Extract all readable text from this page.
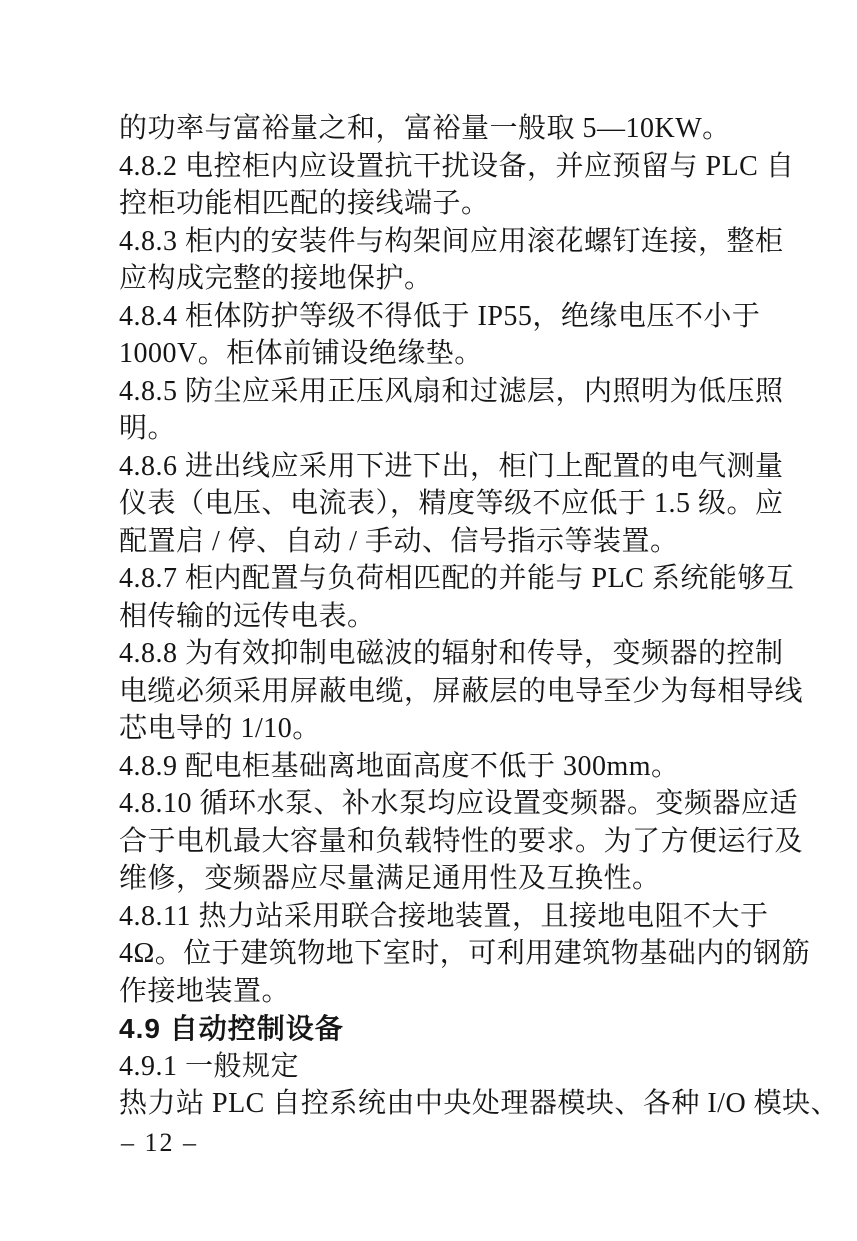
的功率与富裕量之和，富裕量一般取 5—10KW。
4.8.2 电控柜内应设置抗干扰设备，并应预留与 PLC 自
控柜功能相匹配的接线端子。
4.8.3 柜内的安装件与构架间应用滚花螺钉连接，整柜
应构成完整的接地保护。
4.8.4 柜体防护等级不得低于 IP55，绝缘电压不小于
1000V。柜体前铺设绝缘垫。
4.8.5 防尘应采用正压风扇和过滤层，内照明为低压照
明。
4.8.6 进出线应采用下进下出，柜门上配置的电气测量
仪表（电压、电流表），精度等级不应低于 1.5 级。应
配置启 / 停、自动 / 手动、信号指示等装置。
4.8.7 柜内配置与负荷相匹配的并能与 PLC 系统能够互
相传输的远传电表。
4.8.8 为有效抑制电磁波的辐射和传导，变频器的控制
电缆必须采用屏蔽电缆，屏蔽层的电导至少为每相导线
芯电导的 1/10。
4.8.9 配电柜基础离地面高度不低于 300mm。
4.8.10 循环水泵、补水泵均应设置变频器。变频器应适
合于电机最大容量和负载特性的要求。为了方便运行及
维修，变频器应尽量满足通用性及互换性。
4.8.11 热力站采用联合接地装置，且接地电阻不大于
4Ω。位于建筑物地下室时，可利用建筑物基础内的钢筋
作接地装置。
4.9 自动控制设备
4.9.1 一般规定
热力站 PLC 自控系统由中央处理器模块、各种 I/O 模块、
– 12 –
